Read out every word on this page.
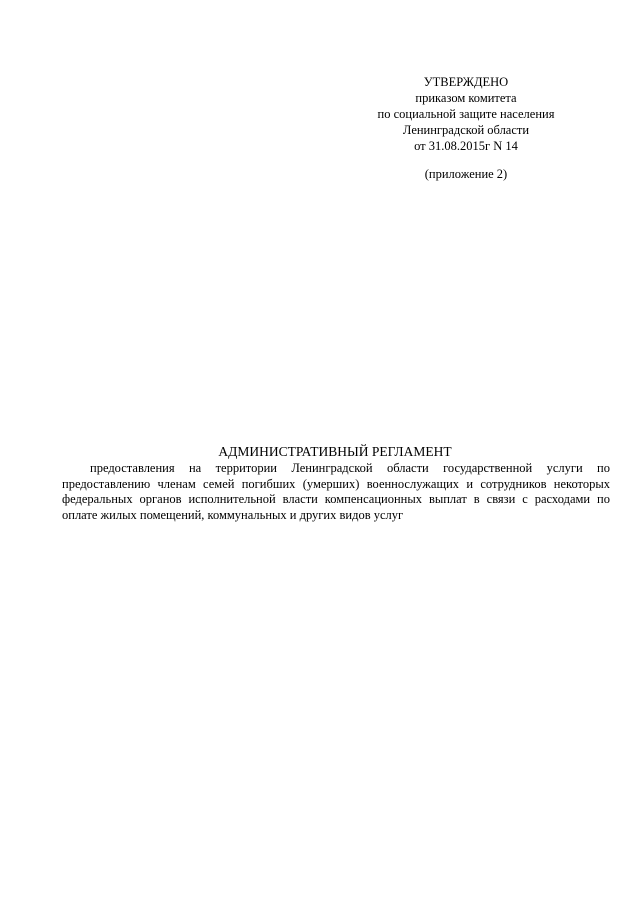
УТВЕРЖДЕНО
приказом комитета
по социальной защите населения
Ленинградской области
от 31.08.2015г N 14
(приложение 2)
АДМИНИСТРАТИВНЫЙ РЕГЛАМЕНТ

предоставления на территории Ленинградской области государственной услуги по предоставлению членам семей погибших (умерших) военнослужащих и сотрудников некоторых федеральных органов исполнительной власти компенсационных выплат в связи с расходами по оплате жилых помещений, коммунальных и других видов услуг
